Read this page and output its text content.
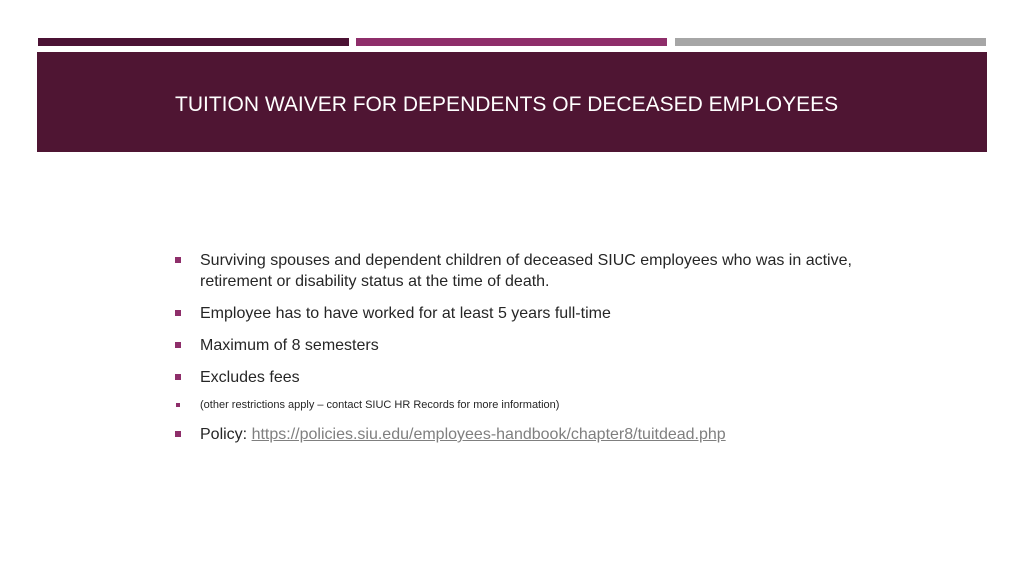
TUITION WAIVER FOR DEPENDENTS OF DECEASED EMPLOYEES
Surviving spouses and dependent children of deceased SIUC employees who was in active, retirement or disability status at the time of death.
Employee has to have worked for at least 5 years full-time
Maximum of 8 semesters
Excludes fees
(other restrictions apply – contact SIUC HR Records for more information)
Policy: https://policies.siu.edu/employees-handbook/chapter8/tuitdead.php
